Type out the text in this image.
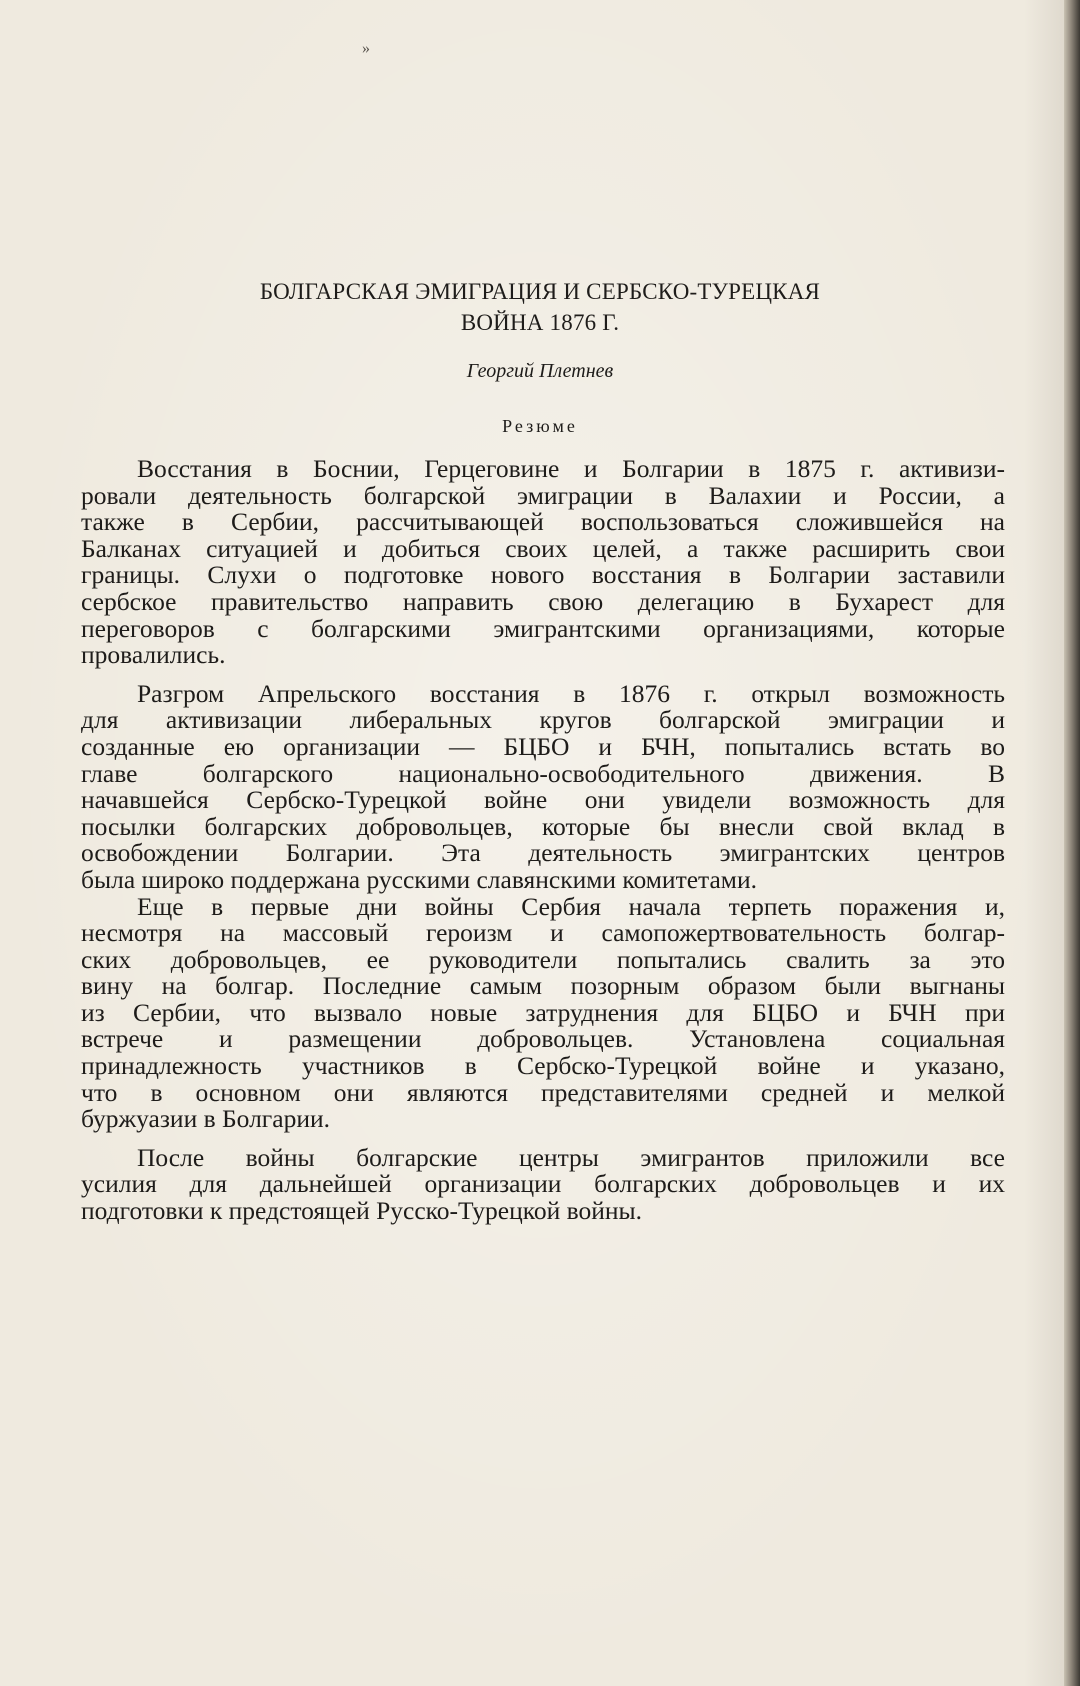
»
БОЛГАРСКАЯ ЭМИГРАЦИЯ И СЕРБСКО-ТУРЕЦКАЯ
ВОЙНА 1876 Г.
Георгий Плетнев
Резюме
Восстания в Боснии, Герцеговине и Болгарии в 1875 г. активизи-
ровали деятельность болгарской эмиграции в Валахии и России, а
также в Сербии, рассчитывающей воспользоваться сложившейся на
Балканах ситуацией и добиться своих целей, а также расширить свои
границы. Слухи о подготовке нового восстания в Болгарии заставили
сербское правительство направить свою делегацию в Бухарест для
переговоров с болгарскими эмигрантскими организациями, которые
провалились.
Разгром Апрельского восстания в 1876 г. открыл возможность
для активизации либеральных кругов болгарской эмиграции и
созданные ею организации — БЦБО и БЧН, попытались встать во
главе болгарского национально-освободительного движения. В
начавшейся Сербско-Турецкой войне они увидели возможность для
посылки болгарских добровольцев, которые бы внесли свой вклад в
освобождении Болгарии. Эта деятельность эмигрантских центров
была широко поддержана русскими славянскими комитетами.
Еще в первые дни войны Сербия начала терпеть поражения и,
несмотря на массовый героизм и самопожертвовательность болгар-
ских добровольцев, ее руководители попытались свалить за это
вину на болгар. Последние самым позорным образом были выгнаны
из Сербии, что вызвало новые затруднения для БЦБО и БЧН при
встрече и размещении добровольцев. Установлена социальная
принадлежность участников в Сербско-Турецкой войне и указано,
что в основном они являются представителями средней и мелкой
буржуазии в Болгарии.
После войны болгарские центры эмигрантов приложили все
усилия для дальнейшей организации болгарских добровольцев и их
подготовки к предстоящей Русско-Турецкой войны.
